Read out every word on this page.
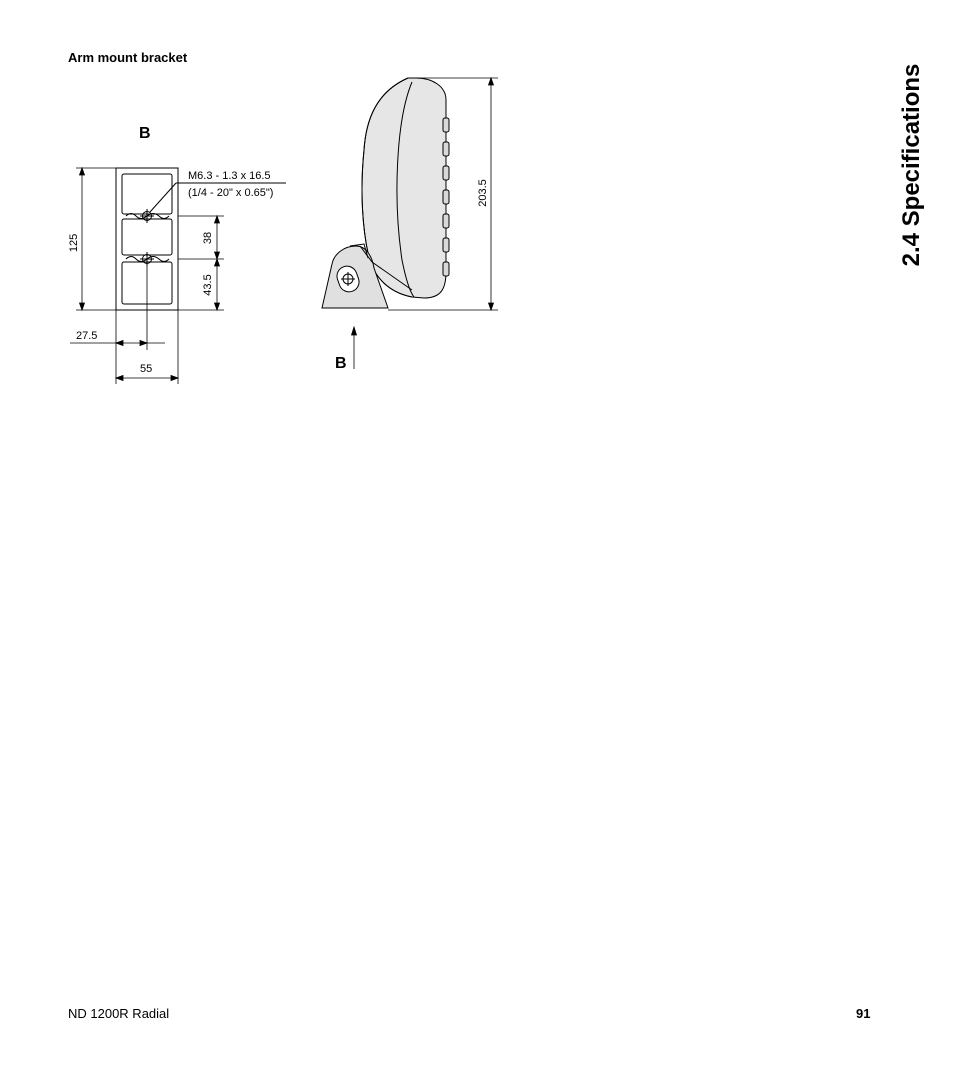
Arm mount bracket
B
B
M6.3 - 1.3 x 16.5
(1/4 - 20" x 0.65")
125	38
43.5
27.5
55
203.5	2.4 Specifications
ND 1200R Radial	91
